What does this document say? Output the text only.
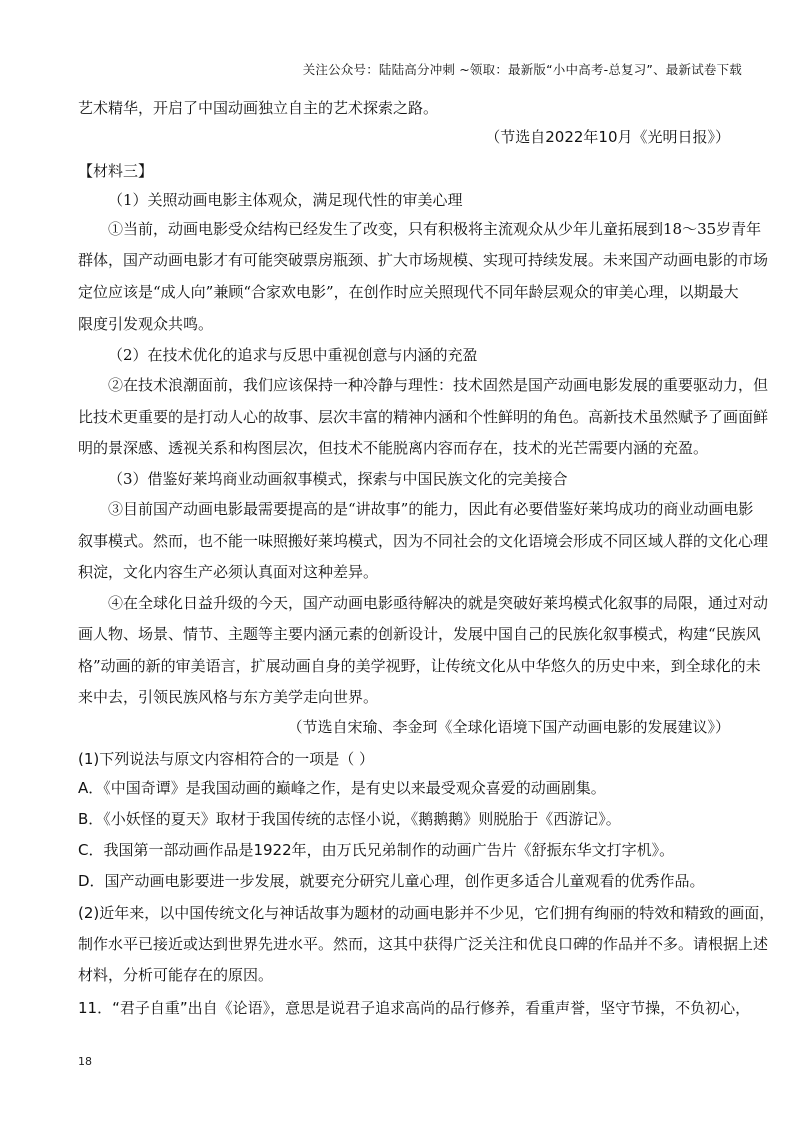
关注公众号：陆陆高分冲刺 ~领取：最新版“小中高考-总复习”、最新试卷下载
艺术精华，开启了中国动画独立自主的艺术探索之路。
（节选自2022年10月《光明日报》）
【材料三】
（1）关照动画电影主体观众，满足现代性的审美心理
①当前，动画电影受众结构已经发生了改变，只有积极将主流观众从少年儿童拓展到18～35岁青年
群体，国产动画电影才有可能突破票房瓶颈、扩大市场规模、实现可持续发展。未来国产动画电影的市场
定位应该是“成人向”兼顾“合家欢电影”，在创作时应关照现代不同年龄层观众的审美心理，以期最大
限度引发观众共鸣。
（2）在技术优化的追求与反思中重视创意与内涵的充盈
②在技术浪潮面前，我们应该保持一种冷静与理性：技术固然是国产动画电影发展的重要驱动力，但
比技术更重要的是打动人心的故事、层次丰富的精神内涵和个性鲜明的角色。高新技术虽然赋予了画面鲜
明的景深感、透视关系和构图层次，但技术不能脱离内容而存在，技术的光芒需要内涵的充盈。
（3）借鉴好莱坞商业动画叙事模式，探索与中国民族文化的完美接合
③目前国产动画电影最需要提高的是“讲故事”的能力，因此有必要借鉴好莱坞成功的商业动画电影
叙事模式。然而，也不能一味照搬好莱坞模式，因为不同社会的文化语境会形成不同区域人群的文化心理
积淀，文化内容生产必须认真面对这种差异。
④在全球化日益升级的今天，国产动画电影亟待解决的就是突破好莱坞模式化叙事的局限，通过对动
画人物、场景、情节、主题等主要内涵元素的创新设计，发展中国自己的民族化叙事模式，构建“民族风
格”动画的新的审美语言，扩展动画自身的美学视野，让传统文化从中华悠久的历史中来，到全球化的未
来中去，引领民族风格与东方美学走向世界。
（节选自宋瑜、李金珂《全球化语境下国产动画电影的发展建议》）
(1)下列说法与原文内容相符合的一项是（ ）
A．《中国奇谭》是我国动画的巅峰之作，是有史以来最受观众喜爱的动画剧集。
B．《小妖怪的夏天》取材于我国传统的志怪小说，《鹅鹅鹅》则脱胎于《西游记》。
C．我国第一部动画作品是1922年，由万氏兄弟制作的动画广告片《舒振东华文打字机》。
D．国产动画电影要进一步发展，就要充分研究儿童心理，创作更多适合儿童观看的优秀作品。
(2)近年来，以中国传统文化与神话故事为题材的动画电影并不少见，它们拥有绚丽的特效和精致的画面，
制作水平已接近或达到世界先进水平。然而，这其中获得广泛关注和优良口碑的作品并不多。请根据上述
材料，分析可能存在的原因。
11．“君子自重”出自《论语》，意思是说君子追求高尚的品行修养，看重声誉，坚守节操，不负初心，
18
